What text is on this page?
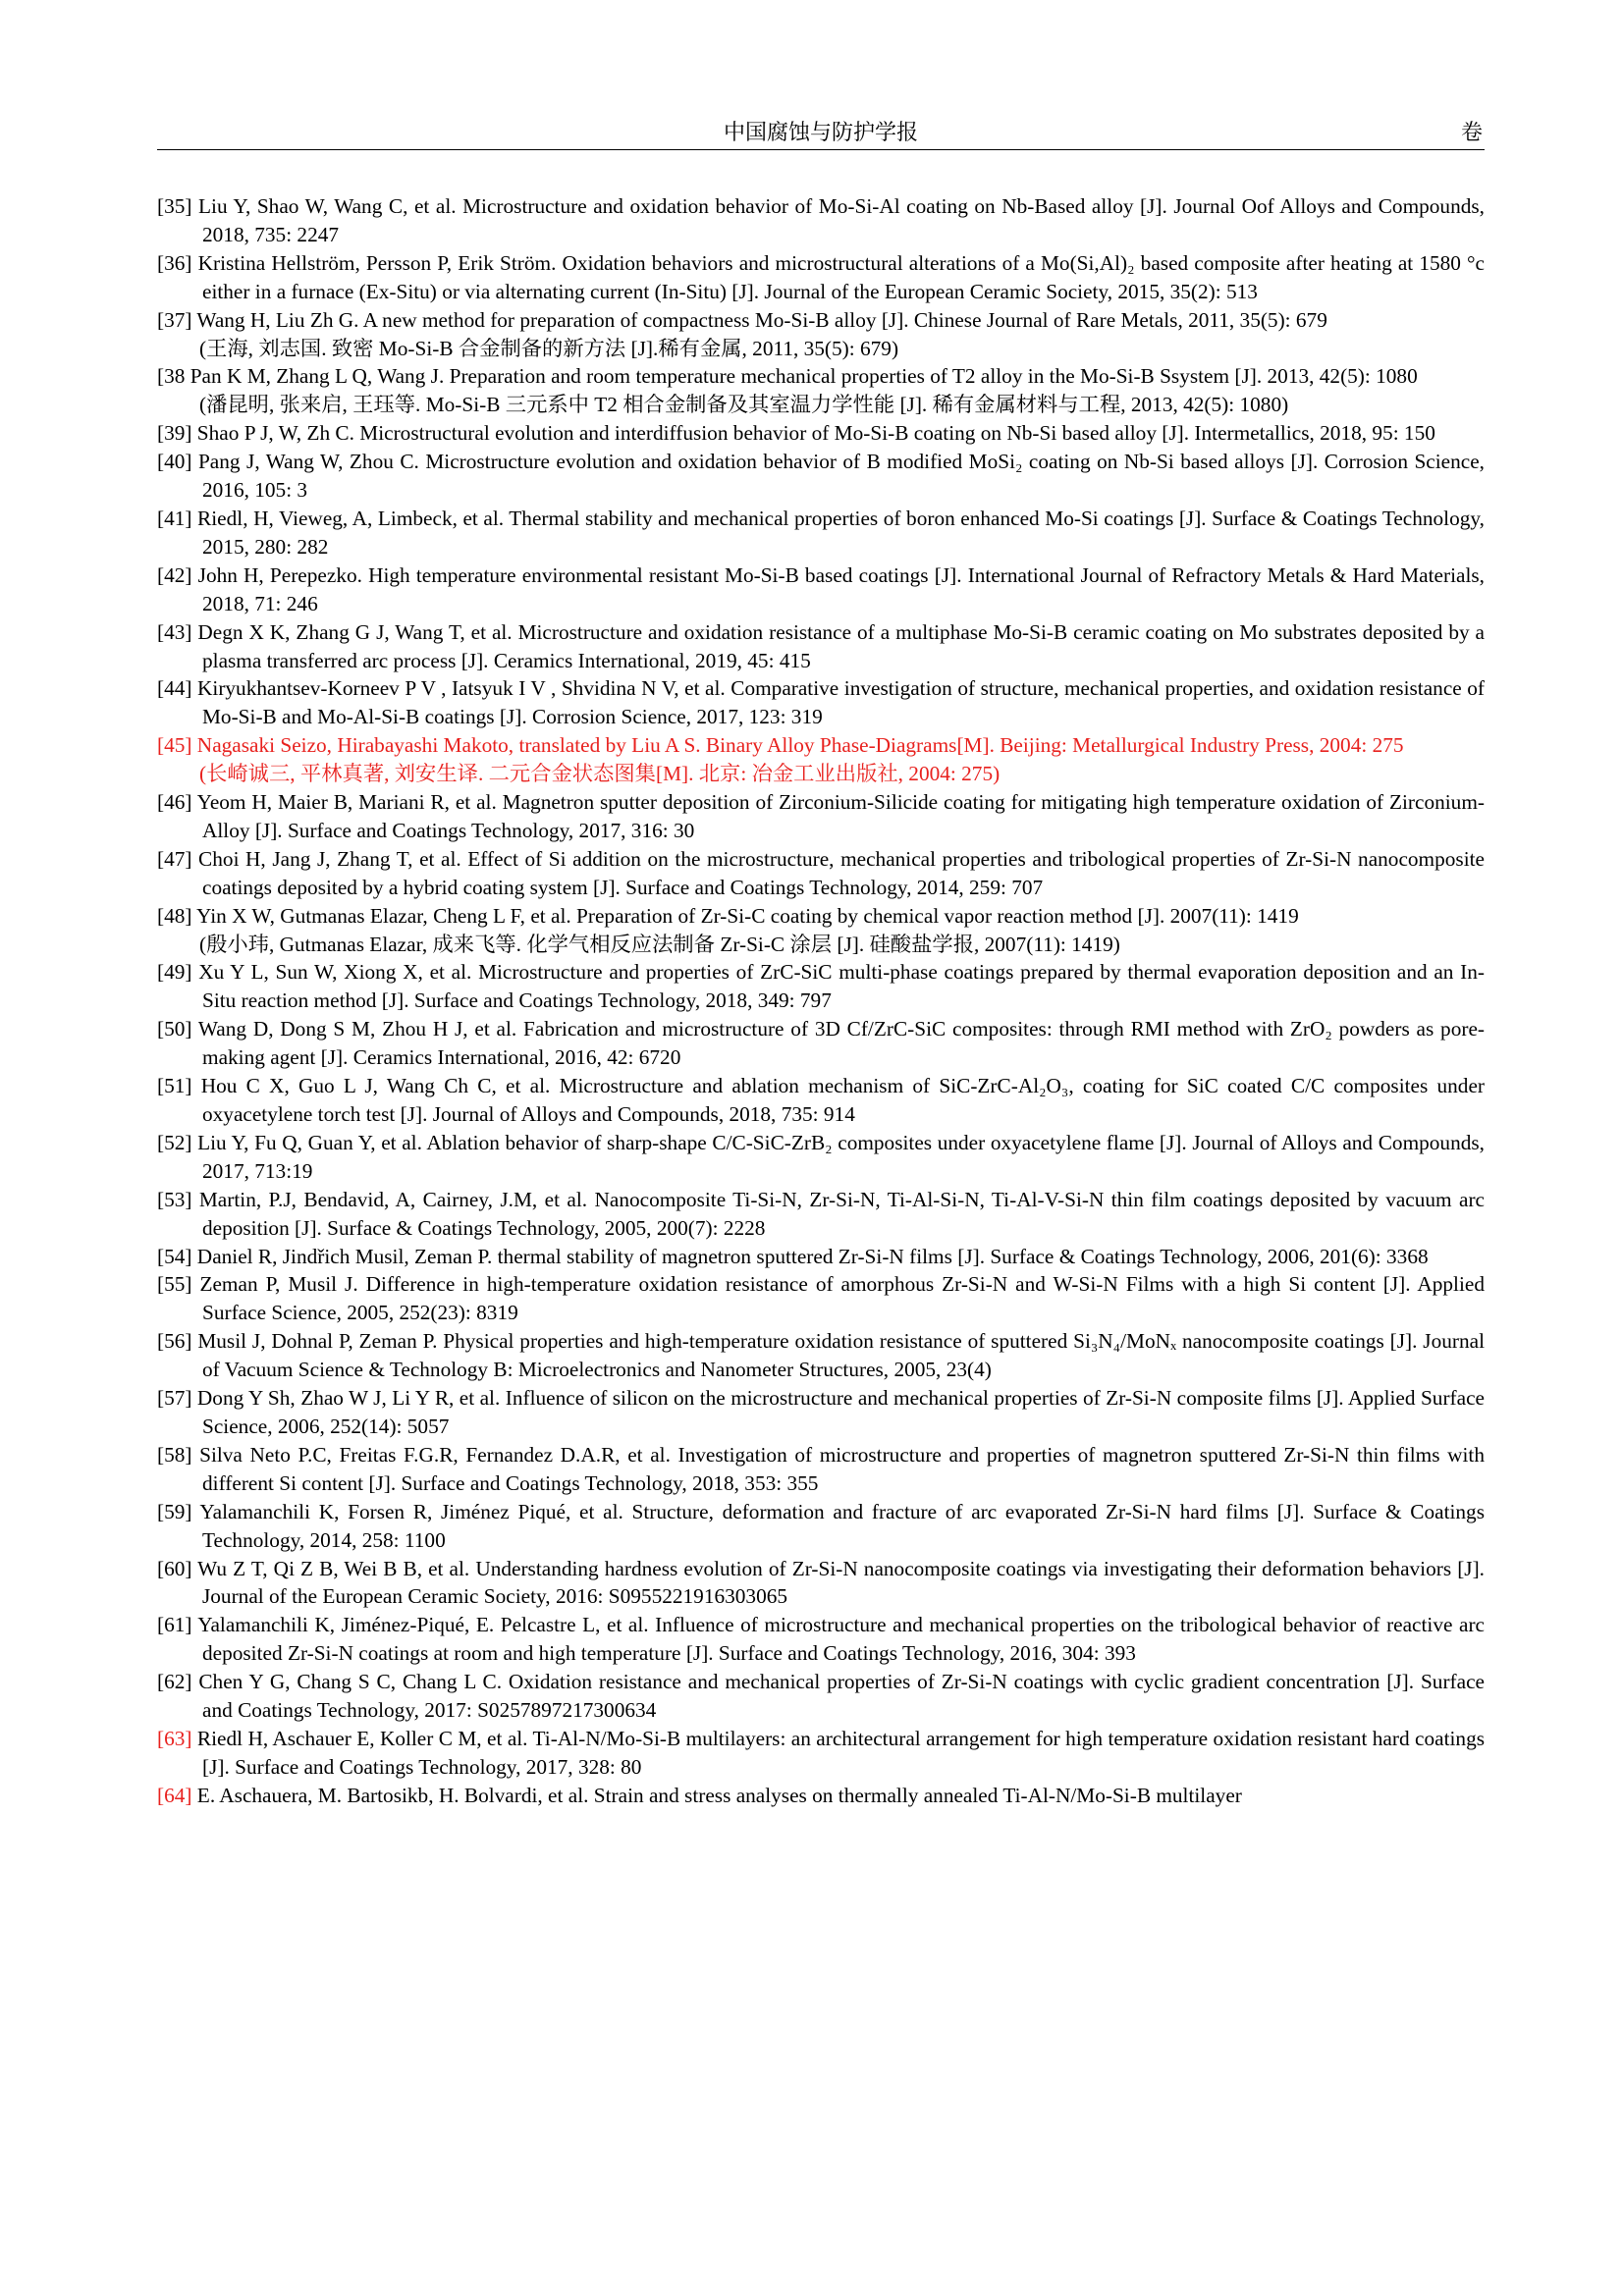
中国腐蚀与防护学报	卷
[35] Liu Y, Shao W, Wang C, et al. Microstructure and oxidation behavior of Mo-Si-Al coating on Nb-Based alloy [J]. Journal Oof Alloys and Compounds, 2018, 735: 2247
[36] Kristina Hellström, Persson P, Erik Ström. Oxidation behaviors and microstructural alterations of a Mo(Si,Al)₂ based composite after heating at 1580 °c either in a furnace (Ex-Situ) or via alternating current (In-Situ) [J]. Journal of the European Ceramic Society, 2015, 35(2): 513
[37] Wang H, Liu Zh G. A new method for preparation of compactness Mo-Si-B alloy [J]. Chinese Journal of Rare Metals, 2011, 35(5): 679
(王海, 刘志国. 致密 Mo-Si-B 合金制备的新方法 [J].稀有金属, 2011, 35(5): 679)
[38 Pan K M, Zhang L Q, Wang J. Preparation and room temperature mechanical properties of T2 alloy in the Mo-Si-B Ssystem [J]. 2013, 42(5): 1080
(潘昆明, 张来启, 王珏等. Mo-Si-B 三元系中 T2 相合金制备及其室温力学性能 [J]. 稀有金属材料与工程, 2013, 42(5): 1080)
[39] Shao P J, W, Zh C. Microstructural evolution and interdiffusion behavior of Mo-Si-B coating on Nb-Si based alloy [J]. Intermetallics, 2018, 95: 150
[40] Pang J, Wang W, Zhou C. Microstructure evolution and oxidation behavior of B modified MoSi₂ coating on Nb-Si based alloys [J]. Corrosion Science, 2016, 105: 3
[41] Riedl, H, Vieweg, A, Limbeck, et al. Thermal stability and mechanical properties of boron enhanced Mo-Si coatings [J]. Surface & Coatings Technology, 2015, 280: 282
[42] John H, Perepezko. High temperature environmental resistant Mo-Si-B based coatings [J]. International Journal of Refractory Metals & Hard Materials, 2018, 71: 246
[43] Degn X K, Zhang G J, Wang T, et al. Microstructure and oxidation resistance of a multiphase Mo-Si-B ceramic coating on Mo substrates deposited by a plasma transferred arc process [J]. Ceramics International, 2019, 45: 415
[44] Kiryukhantsev-Korneev P V , Iatsyuk I V , Shvidina N V, et al. Comparative investigation of structure, mechanical properties, and oxidation resistance of Mo-Si-B and Mo-Al-Si-B coatings [J]. Corrosion Science, 2017, 123: 319
[45] Nagasaki Seizo, Hirabayashi Makoto, translated by Liu A S. Binary Alloy Phase-Diagrams[M]. Beijing: Metallurgical Industry Press, 2004: 275
(长崎诚三, 平林真著, 刘安生译. 二元合金状态图集[M]. 北京: 冶金工业出版社, 2004: 275)
[46] Yeom H, Maier B, Mariani R, et al. Magnetron sputter deposition of Zirconium-Silicide coating for mitigating high temperature oxidation of Zirconium-Alloy [J]. Surface and Coatings Technology, 2017, 316: 30
[47] Choi H, Jang J, Zhang T, et al. Effect of Si addition on the microstructure, mechanical properties and tribological properties of Zr-Si-N nanocomposite coatings deposited by a hybrid coating system [J]. Surface and Coatings Technology, 2014, 259: 707
[48] Yin X W, Gutmanas Elazar, Cheng L F, et al. Preparation of Zr-Si-C coating by chemical vapor reaction method [J]. 2007(11): 1419
(殷小玮, Gutmanas Elazar, 成来飞等. 化学气相反应法制备 Zr-Si-C 涂层 [J]. 硅酸盐学报, 2007(11): 1419)
[49] Xu Y L, Sun W, Xiong X, et al. Microstructure and properties of ZrC-SiC multi-phase coatings prepared by thermal evaporation deposition and an In-Situ reaction method [J]. Surface and Coatings Technology, 2018, 349: 797
[50] Wang D, Dong S M, Zhou H J, et al. Fabrication and microstructure of 3D Cf/ZrC-SiC composites: through RMI method with ZrO₂ powders as pore-making agent [J]. Ceramics International, 2016, 42: 6720
[51] Hou C X, Guo L J, Wang Ch C, et al. Microstructure and ablation mechanism of SiC-ZrC-Al₂O₃, coating for SiC coated C/C composites under oxyacetylene torch test [J]. Journal of Alloys and Compounds, 2018, 735: 914
[52] Liu Y, Fu Q, Guan Y, et al. Ablation behavior of sharp-shape C/C-SiC-ZrB₂ composites under oxyacetylene flame [J]. Journal of Alloys and Compounds, 2017, 713:19
[53] Martin, P.J, Bendavid, A, Cairney, J.M, et al. Nanocomposite Ti-Si-N, Zr-Si-N, Ti-Al-Si-N, Ti-Al-V-Si-N thin film coatings deposited by vacuum arc deposition [J]. Surface & Coatings Technology, 2005, 200(7): 2228
[54] Daniel R, Jindřich Musil, Zeman P. thermal stability of magnetron sputtered Zr-Si-N films [J]. Surface & Coatings Technology, 2006, 201(6): 3368
[55] Zeman P, Musil J. Difference in high-temperature oxidation resistance of amorphous Zr-Si-N and W-Si-N Films with a high Si content [J]. Applied Surface Science, 2005, 252(23): 8319
[56] Musil J, Dohnal P, Zeman P. Physical properties and high-temperature oxidation resistance of sputtered Si₃N₄/MoNₓ nanocomposite coatings [J]. Journal of Vacuum Science & Technology B: Microelectronics and Nanometer Structures, 2005, 23(4)
[57] Dong Y Sh, Zhao W J, Li Y R, et al. Influence of silicon on the microstructure and mechanical properties of Zr-Si-N composite films [J]. Applied Surface Science, 2006, 252(14): 5057
[58] Silva Neto P.C, Freitas F.G.R, Fernandez D.A.R, et al. Investigation of microstructure and properties of magnetron sputtered Zr-Si-N thin films with different Si content [J]. Surface and Coatings Technology, 2018, 353: 355
[59] Yalamanchili K, Forsen R, Jiménez Piqué, et al. Structure, deformation and fracture of arc evaporated Zr-Si-N hard films [J]. Surface & Coatings Technology, 2014, 258: 1100
[60] Wu Z T, Qi Z B, Wei B B, et al. Understanding hardness evolution of Zr-Si-N nanocomposite coatings via investigating their deformation behaviors [J]. Journal of the European Ceramic Society, 2016: S0955221916303065
[61] Yalamanchili K, Jiménez-Piqué, E. Pelcastre L, et al. Influence of microstructure and mechanical properties on the tribological behavior of reactive arc deposited Zr-Si-N coatings at room and high temperature [J]. Surface and Coatings Technology, 2016, 304: 393
[62] Chen Y G, Chang S C, Chang L C. Oxidation resistance and mechanical properties of Zr-Si-N coatings with cyclic gradient concentration [J]. Surface and Coatings Technology, 2017: S0257897217300634
[63] Riedl H, Aschauer E, Koller C M, et al. Ti-Al-N/Mo-Si-B multilayers: an architectural arrangement for high temperature oxidation resistant hard coatings [J]. Surface and Coatings Technology, 2017, 328: 80
[64] E. Aschauera, M. Bartosikb, H. Bolvardi, et al. Strain and stress analyses on thermally annealed Ti-Al-N/Mo-Si-B multilayer
